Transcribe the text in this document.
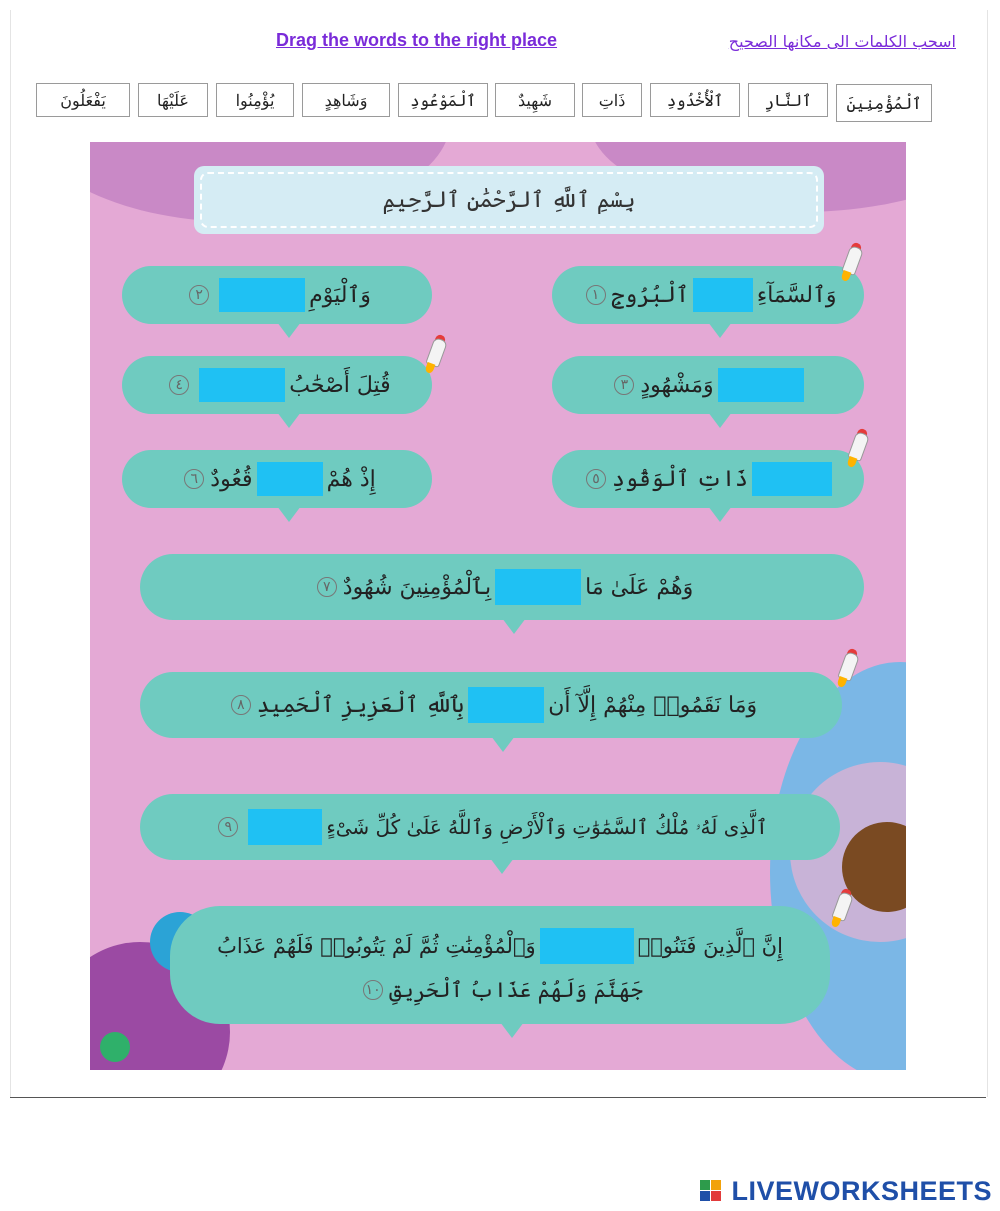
Drag the words to the right place	اسحب الكلمات الى مكانها الصحيح
ٱلْمُؤْمِنِينَ
ٱلنَّارِ
ٱلْأُخْدُودِ
ذَاتِ
شَهِيدٌ
ٱلْمَوْعُودِ
وَشَاهِدٍ
يُؤْمِنُوا
عَلَيْهَا
يَفْعَلُونَ
بِسْمِ ٱللَّهِ ٱلرَّحْمَٰنِ ٱلرَّحِيمِ
وَٱلسَّمَآءِ
ٱلْبُرُوجِ
١
وَٱلْيَوْمِ
٢
وَمَشْهُودٍ
٣
قُتِلَ أَصْحَٰبُ
٤
ذَاتِ ٱلْوَقُودِ
٥
إِذْ هُمْ
قُعُودٌ
٦
وَهُمْ عَلَىٰ مَا
بِٱلْمُؤْمِنِينَ شُهُودٌ
٧
وَمَا نَقَمُوا۟ مِنْهُمْ إِلَّآ أَن
بِٱللَّهِ ٱلْعَزِيزِ ٱلْحَمِيدِ
٨
ٱلَّذِى لَهُۥ مُلْكُ ٱلسَّمَٰوَٰتِ وَٱلْأَرْضِ وَٱللَّهُ عَلَىٰ كُلِّ شَىْءٍ
٩
إِنَّ ٱلَّذِينَ فَتَنُوا۟
وَٱلْمُؤْمِنَٰتِ ثُمَّ لَمْ يَتُوبُوا۟ فَلَهُمْ عَذَابُ
جَهَنَّمَ وَلَهُمْ عَذَابُ ٱلْحَرِيقِ
١٠
LIVEWORKSHEETS
